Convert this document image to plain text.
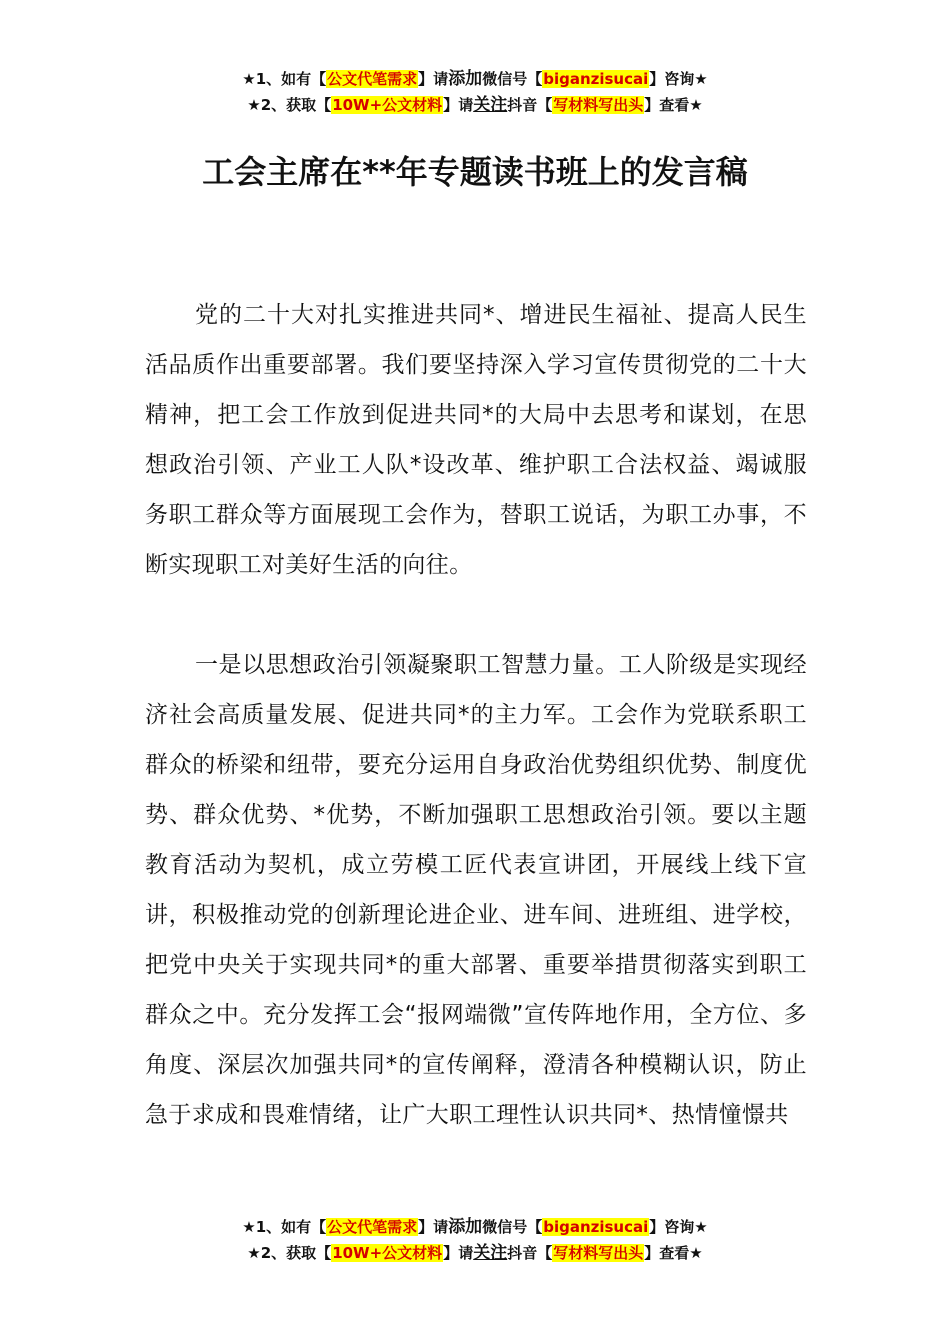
★1、如有【公文代笔需求】请添加微信号【biganzisucai】咨询★
★2、获取【10W+公文材料】请关注抖音【写材料写出头】查看★
工会主席在**年专题读书班上的发言稿

党的二十大对扎实推进共同*、增进民生福祉、提高人民生活品质作出重要部署。我们要坚持深入学习宣传贯彻党的二十大精神，把工会工作放到促进共同*的大局中去思考和谋划，在思想政治引领、产业工人队*设改革、维护职工合法权益、竭诚服务职工群众等方面展现工会作为，替职工说话，为职工办事，不断实现职工对美好生活的向往。

一是以思想政治引领凝聚职工智慧力量。工人阶级是实现经济社会高质量发展、促进共同*的主力军。工会作为党联系职工群众的桥梁和纽带，要充分运用自身政治优势组织优势、制度优势、群众优势、*优势，不断加强职工思想政治引领。要以主题教育活动为契机，成立劳模工匠代表宣讲团，开展线上线下宣讲，积极推动党的创新理论进企业、进车间、进班组、进学校，把党中央关于实现共同*的重大部署、重要举措贯彻落实到职工群众之中。充分发挥工会“报网端微”宣传阵地作用，全方位、多角度、深层次加强共同*的宣传阐释，澄清各种模糊认识，防止急于求成和畏难情绪，让广大职工理性认识共同*、热情憧憬共

★1、如有【公文代笔需求】请添加微信号【biganzisucai】咨询★
★2、获取【10W+公文材料】请关注抖音【写材料写出头】查看★
